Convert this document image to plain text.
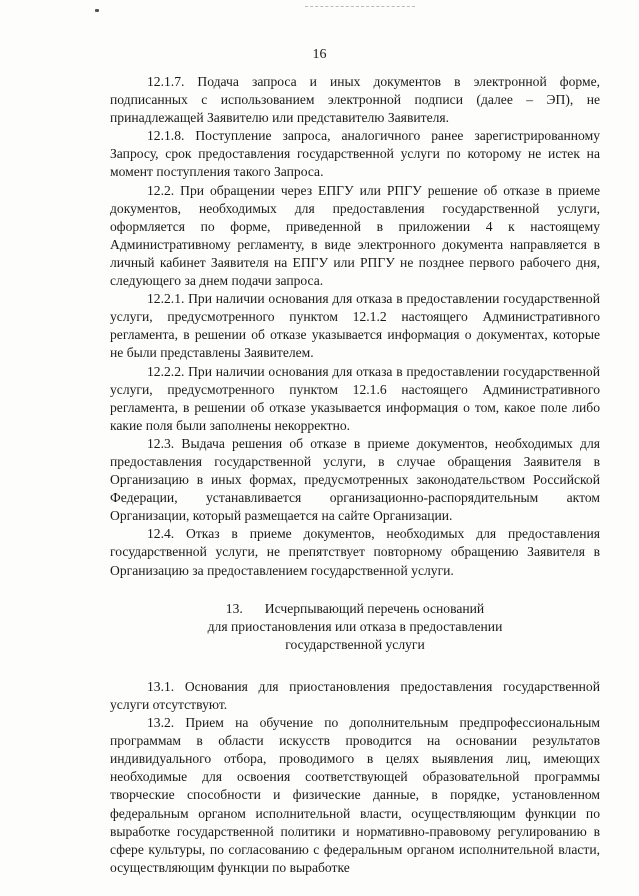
16

12.1.7. Подача запроса и иных документов в электронной форме, подписанных с использованием электронной подписи (далее – ЭП), не принадлежащей Заявителю или представителю Заявителя.

12.1.8. Поступление запроса, аналогичного ранее зарегистрированному Запросу, срок предоставления государственной услуги по которому не истек на момент поступления такого Запроса.

12.2. При обращении через ЕПГУ или РПГУ решение об отказе в приеме документов, необходимых для предоставления государственной услуги, оформляется по форме, приведенной в приложении 4 к настоящему Административному регламенту, в виде электронного документа направляется в личный кабинет Заявителя на ЕПГУ или РПГУ не позднее первого рабочего дня, следующего за днем подачи запроса.

12.2.1. При наличии основания для отказа в предоставлении государственной услуги, предусмотренного пунктом 12.1.2 настоящего Административного регламента, в решении об отказе указывается информация о документах, которые не были представлены Заявителем.

12.2.2. При наличии основания для отказа в предоставлении государственной услуги, предусмотренного пунктом 12.1.6 настоящего Административного регламента, в решении об отказе указывается информация о том, какое поле либо какие поля были заполнены некорректно.

12.3. Выдача решения об отказе в приеме документов, необходимых для предоставления государственной услуги, в случае обращения Заявителя в Организацию в иных формах, предусмотренных законодательством Российской Федерации, устанавливается организационно-распорядительным актом Организации, который размещается на сайте Организации.

12.4. Отказ в приеме документов, необходимых для предоставления государственной услуги, не препятствует повторному обращению Заявителя в Организацию за предоставлением государственной услуги.

13. Исчерпывающий перечень оснований
для приостановления или отказа в предоставлении
государственной услуги

13.1. Основания для приостановления предоставления государственной услуги отсутствуют.

13.2. Прием на обучение по дополнительным предпрофессиональным программам в области искусств проводится на основании результатов индивидуального отбора, проводимого в целях выявления лиц, имеющих необходимые для освоения соответствующей образовательной программы творческие способности и физические данные, в порядке, установленном федеральным органом исполнительной власти, осуществляющим функции по выработке государственной политики и нормативно-правовому регулированию в сфере культуры, по согласованию с федеральным органом исполнительной власти, осуществляющим функции по выработке
